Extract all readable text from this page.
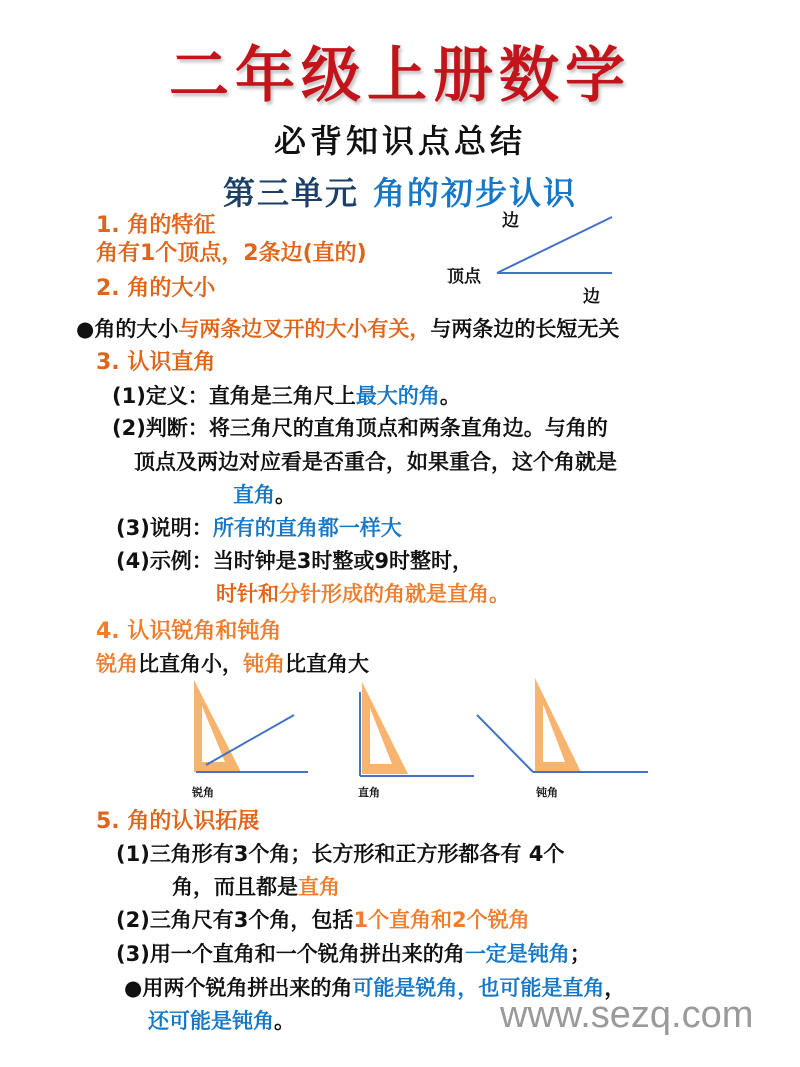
二年级上册数学
必背知识点总结
第三单元 角的初步认识
1. 角的特征
角有1个顶点，2条边(直的)
边
顶点
边
2. 角的大小
●角的大小与两条边叉开的大小有关，与两条边的长短无关
3. 认识直角
(1)定义：直角是三角尺上最大的角。
(2)判断：将三角尺的直角顶点和两条直角边。与角的
顶点及两边对应看是否重合，如果重合，这个角就是
直角。
(3)说明：所有的直角都一样大
(4)示例：当时钟是3时整或9时整时，
时针和分针形成的角就是直角。
4. 认识锐角和钝角
锐角比直角小，钝角比直角大
锐角	直角	钝角
5. 角的认识拓展
(1)三角形有3个角；长方形和正方形都各有 4个
角，而且都是直角
(2)三角尺有3个角，包括1个直角和2个锐角
(3)用一个直角和一个锐角拼出来的角一定是钝角；
●用两个锐角拼出来的角可能是锐角，也可能是直角，
还可能是钝角。	www.sezq.com
